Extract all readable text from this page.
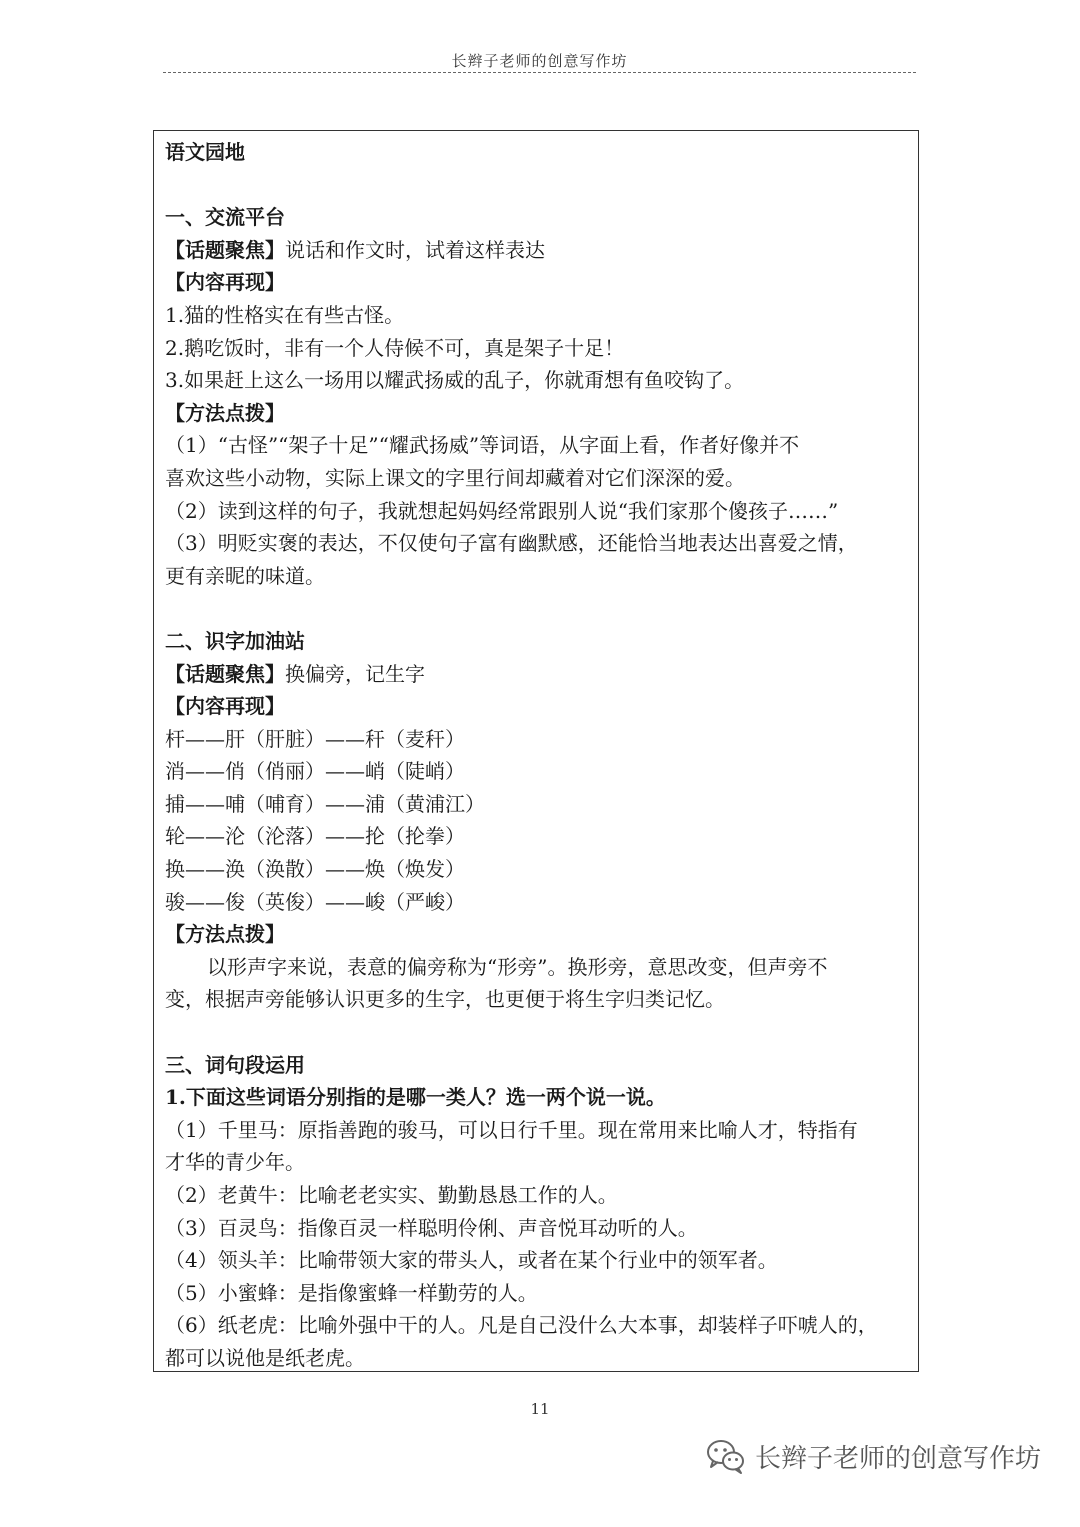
长辫子老师的创意写作坊
语文园地
一、交流平台
【话题聚焦】说话和作文时，试着这样表达
【内容再现】
1.猫的性格实在有些古怪。
2.鹅吃饭时，非有一个人侍候不可，真是架子十足！
3.如果赶上这么一场用以耀武扬威的乱子，你就甭想有鱼咬钩了。
【方法点拨】
（1）“古怪”“架子十足”“耀武扬威”等词语，从字面上看，作者好像并不
喜欢这些小动物，实际上课文的字里行间却藏着对它们深深的爱。
（2）读到这样的句子，我就想起妈妈经常跟别人说“我们家那个傻孩子……”
（3）明贬实褒的表达，不仅使句子富有幽默感，还能恰当地表达出喜爱之情，
更有亲昵的味道。
二、识字加油站
【话题聚焦】换偏旁，记生字
【内容再现】
杆——肝（肝脏）——秆（麦秆）
消——俏（俏丽）——峭（陡峭）
捕——哺（哺育）——浦（黄浦江）
轮——沦（沦落）——抡（抡拳）
换——涣（涣散）——焕（焕发）
骏——俊（英俊）——峻（严峻）
【方法点拨】
以形声字来说，表意的偏旁称为“形旁”。换形旁，意思改变，但声旁不
变，根据声旁能够认识更多的生字，也更便于将生字归类记忆。
三、词句段运用
1.下面这些词语分别指的是哪一类人？选一两个说一说。
（1）千里马：原指善跑的骏马，可以日行千里。现在常用来比喻人才，特指有
才华的青少年。
（2）老黄牛：比喻老老实实、勤勤恳恳工作的人。
（3）百灵鸟：指像百灵一样聪明伶俐、声音悦耳动听的人。
（4）领头羊：比喻带领大家的带头人，或者在某个行业中的领军者。
（5）小蜜蜂：是指像蜜蜂一样勤劳的人。
（6）纸老虎：比喻外强中干的人。凡是自己没什么大本事，却装样子吓唬人的，
都可以说他是纸老虎。
11
长辫子老师的创意写作坊
